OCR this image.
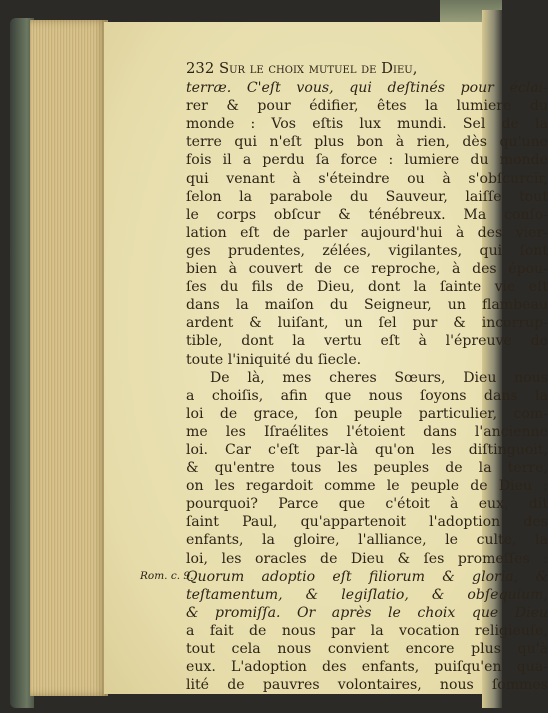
232 Sur le choix mutuel de Dieu,
terræ. C'eſt vous, qui deſtinés pour éclai-
rer & pour édifier, êtes la lumiere du
monde : Vos eſtis lux mundi. Sel de la
terre qui n'eſt plus bon à rien, dès qu'une
fois il a perdu ſa force : lumiere du monde
qui venant à s'éteindre ou à s'obſcurcir,
ſelon la parabole du Sauveur, laiſſe tout
le corps obſcur & ténébreux. Ma conſo-
lation eſt de parler aujourd'hui à des vier-
ges prudentes, zélées, vigilantes, qui ſont
bien à couvert de ce reproche, à des épou-
ſes du fils de Dieu, dont la ſainte vie eſt
dans la maiſon du Seigneur, un flambeau
ardent & luiſant, un ſel pur & incorrup-
tible, dont la vertu eſt à l'épreuve de
toute l'iniquité du ſiecle.
De là, mes cheres Sœurs, Dieu nous
a choiſis, afin que nous ſoyons dans la
loi de grace, ſon peuple particulier, com-
me les Iſraélites l'étoient dans l'ancienne
loi. Car c'eſt par-là qu'on les diſtinguoit,
& qu'entre tous les peuples de la terre,
on les regardoit comme le peuple de Dieu :
pourquoi? Parce que c'étoit à eux, dit
ſaint Paul, qu'appartenoit l'adoption des
enfants, la gloire, l'alliance, le culte, la
loi, les oracles de Dieu & ſes promeſſes :
Quorum adoptio eſt filiorum & gloria, &
teſtamentum, & legiſlatio, & obſequium,
& promiſſa. Or après le choix que Dieu
a fait de nous par la vocation religieuſe,
tout cela nous convient encore plus qu'à
eux. L'adoption des enfants, puiſqu'en qua-
lité de pauvres volontaires, nous ſommes
Rom. c. 9.
